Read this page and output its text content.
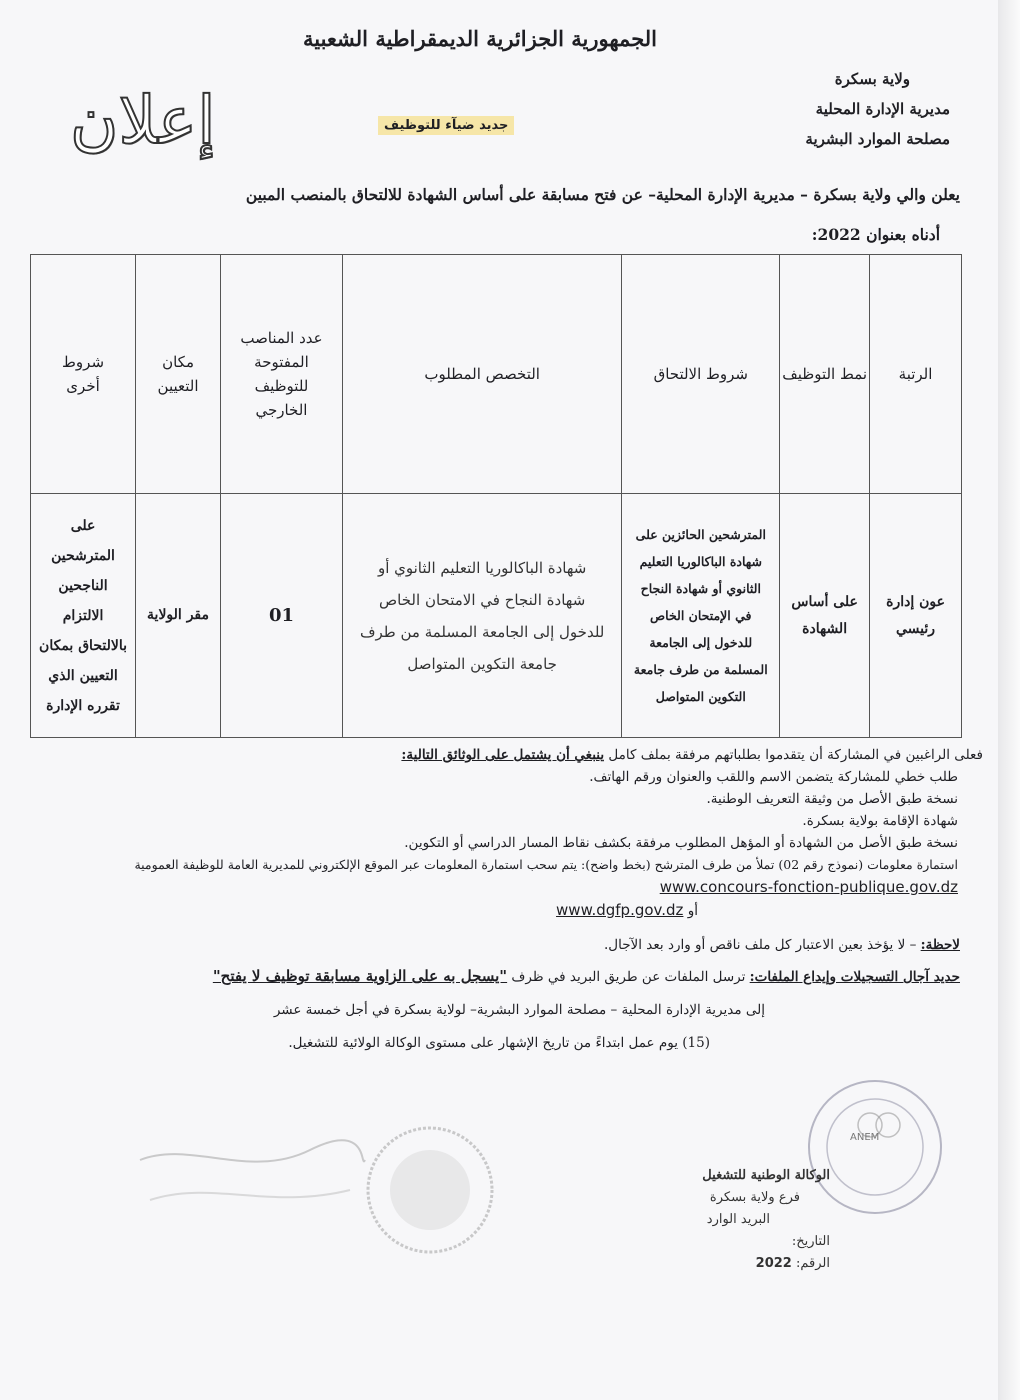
الجمهورية الجزائرية الديمقراطية الشعبية
ولاية بسكرة
مديرية الإدارة المحلية
مصلحة الموارد البشرية
إعلان	جديد ضيآء للتوظيف
يعلن والي ولاية بسكرة – مديرية الإدارة المحلية– عن فتح مسابقة على أساس الشهادة للالتحاق بالمنصب المبين
أدناه بعنوان 2022:
الرتبة	نمط التوظيف	شروط الالتحاق	التخصص المطلوب	عدد المناصب المفتوحة للتوظيف الخارجي	مكان التعيين	شروط أخرى
عون إدارة رئيسي	على أساس الشهادة	المترشحين الحائزين على شهادة الباكالوريا التعليم الثانوي أو شهادة النجاح في الإمتحان الخاص للدخول إلى الجامعة المسلمة من طرف جامعة التكوين المتواصل	شهادة الباكالوريا التعليم الثانوي أو شهادة النجاح في الامتحان الخاص للدخول إلى الجامعة المسلمة من طرف جامعة التكوين المتواصل	01	مقر الولاية	على المترشحين الناجحين الالتزام بالالتحاق بمكان التعيين الذي تقرره الإدارة
فعلى الراغبين في المشاركة أن يتقدموا بطلباتهم مرفقة بملف كامل ينبغي أن يشتمل على الوثائق التالية:
طلب خطي للمشاركة يتضمن الاسم واللقب والعنوان ورقم الهاتف.
نسخة طبق الأصل من وثيقة التعريف الوطنية.
شهادة الإقامة بولاية بسكرة.
نسخة طبق الأصل من الشهادة أو المؤهل المطلوب مرفقة بكشف نقاط المسار الدراسي أو التكوين.
استمارة معلومات (نموذج رقم 02) تملأ من طرف المترشح (بخط واضح): يتم سحب استمارة المعلومات عبر الموقع الإلكتروني للمديرية العامة للوظيفة العمومية
www.concours-fonction-publique.gov.dz
أو www.dgfp.gov.dz
لاحظة: – لا يؤخذ بعين الاعتبار كل ملف ناقص أو وارد بعد الآجال.
حديد آجال التسجيلات وإيداع الملفات: ترسل الملفات عن طريق البريد في ظرف "يسجل به على الزاوية مسابقة توظيف لا يفتح"
إلى مديرية الإدارة المحلية – مصلحة الموارد البشرية– لولاية بسكرة في أجل خمسة عشر
(15) يوم عمل ابتداءً من تاريخ الإشهار على مستوى الوكالة الولائية للتشغيل.
ANEM
الوكالة الوطنية للتشغيل
فرع ولاية بسكرة
البريد الوارد
التاريخ:
الرقم: 2022
